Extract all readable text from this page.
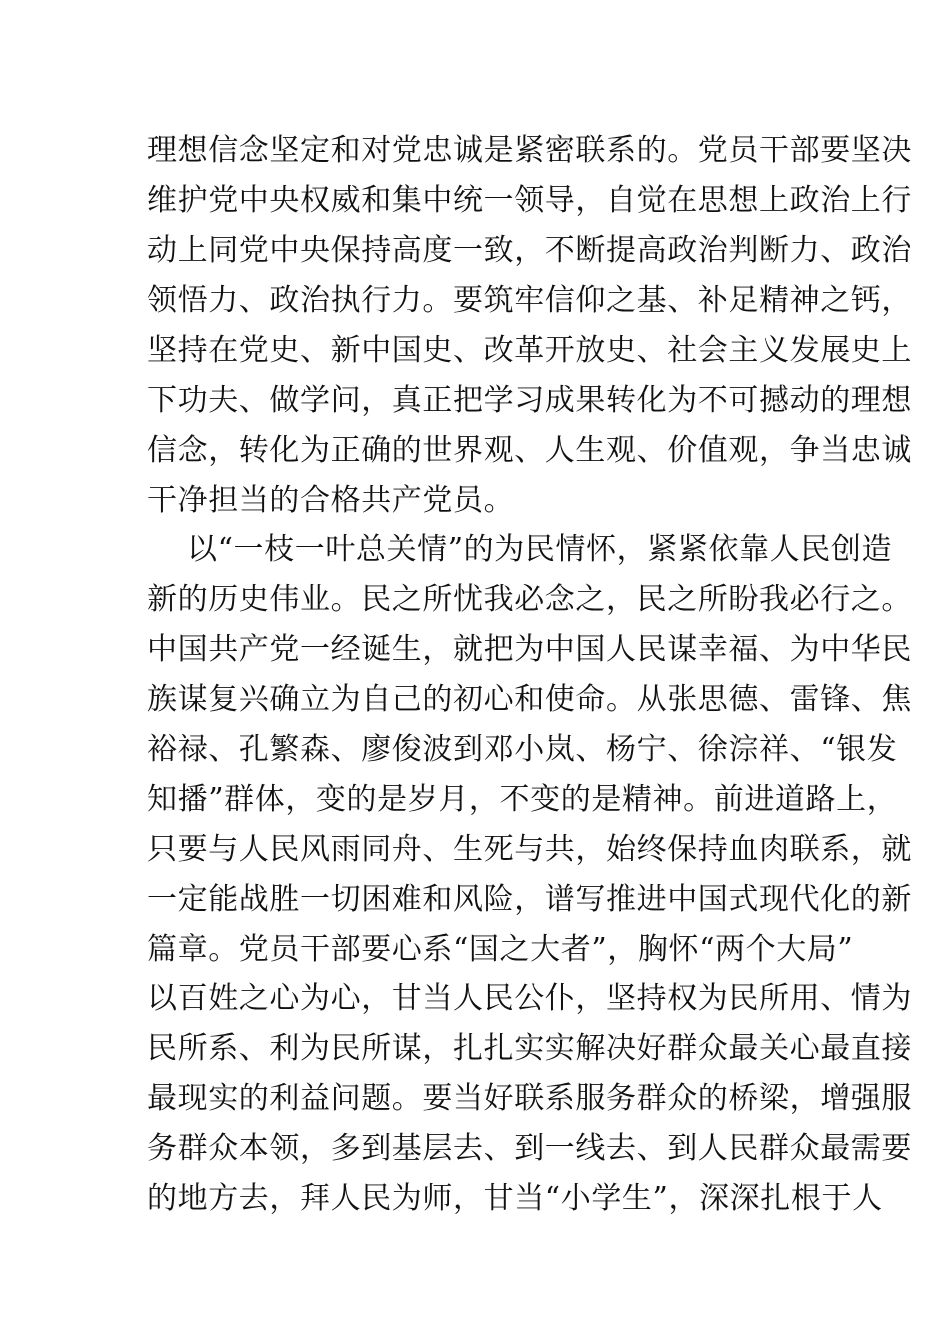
理想信念坚定和对党忠诚是紧密联系的。党员干部要坚决
维护党中央权威和集中统一领导，自觉在思想上政治上行
动上同党中央保持高度一致，不断提高政治判断力、政治
领悟力、政治执行力。要筑牢信仰之基、补足精神之钙，
坚持在党史、新中国史、改革开放史、社会主义发展史上
下功夫、做学问，真正把学习成果转化为不可撼动的理想
信念，转化为正确的世界观、人生观、价值观，争当忠诚
干净担当的合格共产党员。
以“一枝一叶总关情”的为民情怀，紧紧依靠人民创造
新的历史伟业。民之所忧我必念之，民之所盼我必行之。
中国共产党一经诞生，就把为中国人民谋幸福、为中华民
族谋复兴确立为自己的初心和使命。从张思德、雷锋、焦
裕禄、孔繁森、廖俊波到邓小岚、杨宁、徐淙祥、“银发
知播”群体，变的是岁月，不变的是精神。前进道路上，
只要与人民风雨同舟、生死与共，始终保持血肉联系，就
一定能战胜一切困难和风险，谱写推进中国式现代化的新
篇章。党员干部要心系“国之大者”，胸怀“两个大局”
以百姓之心为心，甘当人民公仆，坚持权为民所用、情为
民所系、利为民所谋，扎扎实实解决好群众最关心最直接
最现实的利益问题。要当好联系服务群众的桥梁，增强服
务群众本领，多到基层去、到一线去、到人民群众最需要
的地方去，拜人民为师，甘当“小学生”，深深扎根于人
